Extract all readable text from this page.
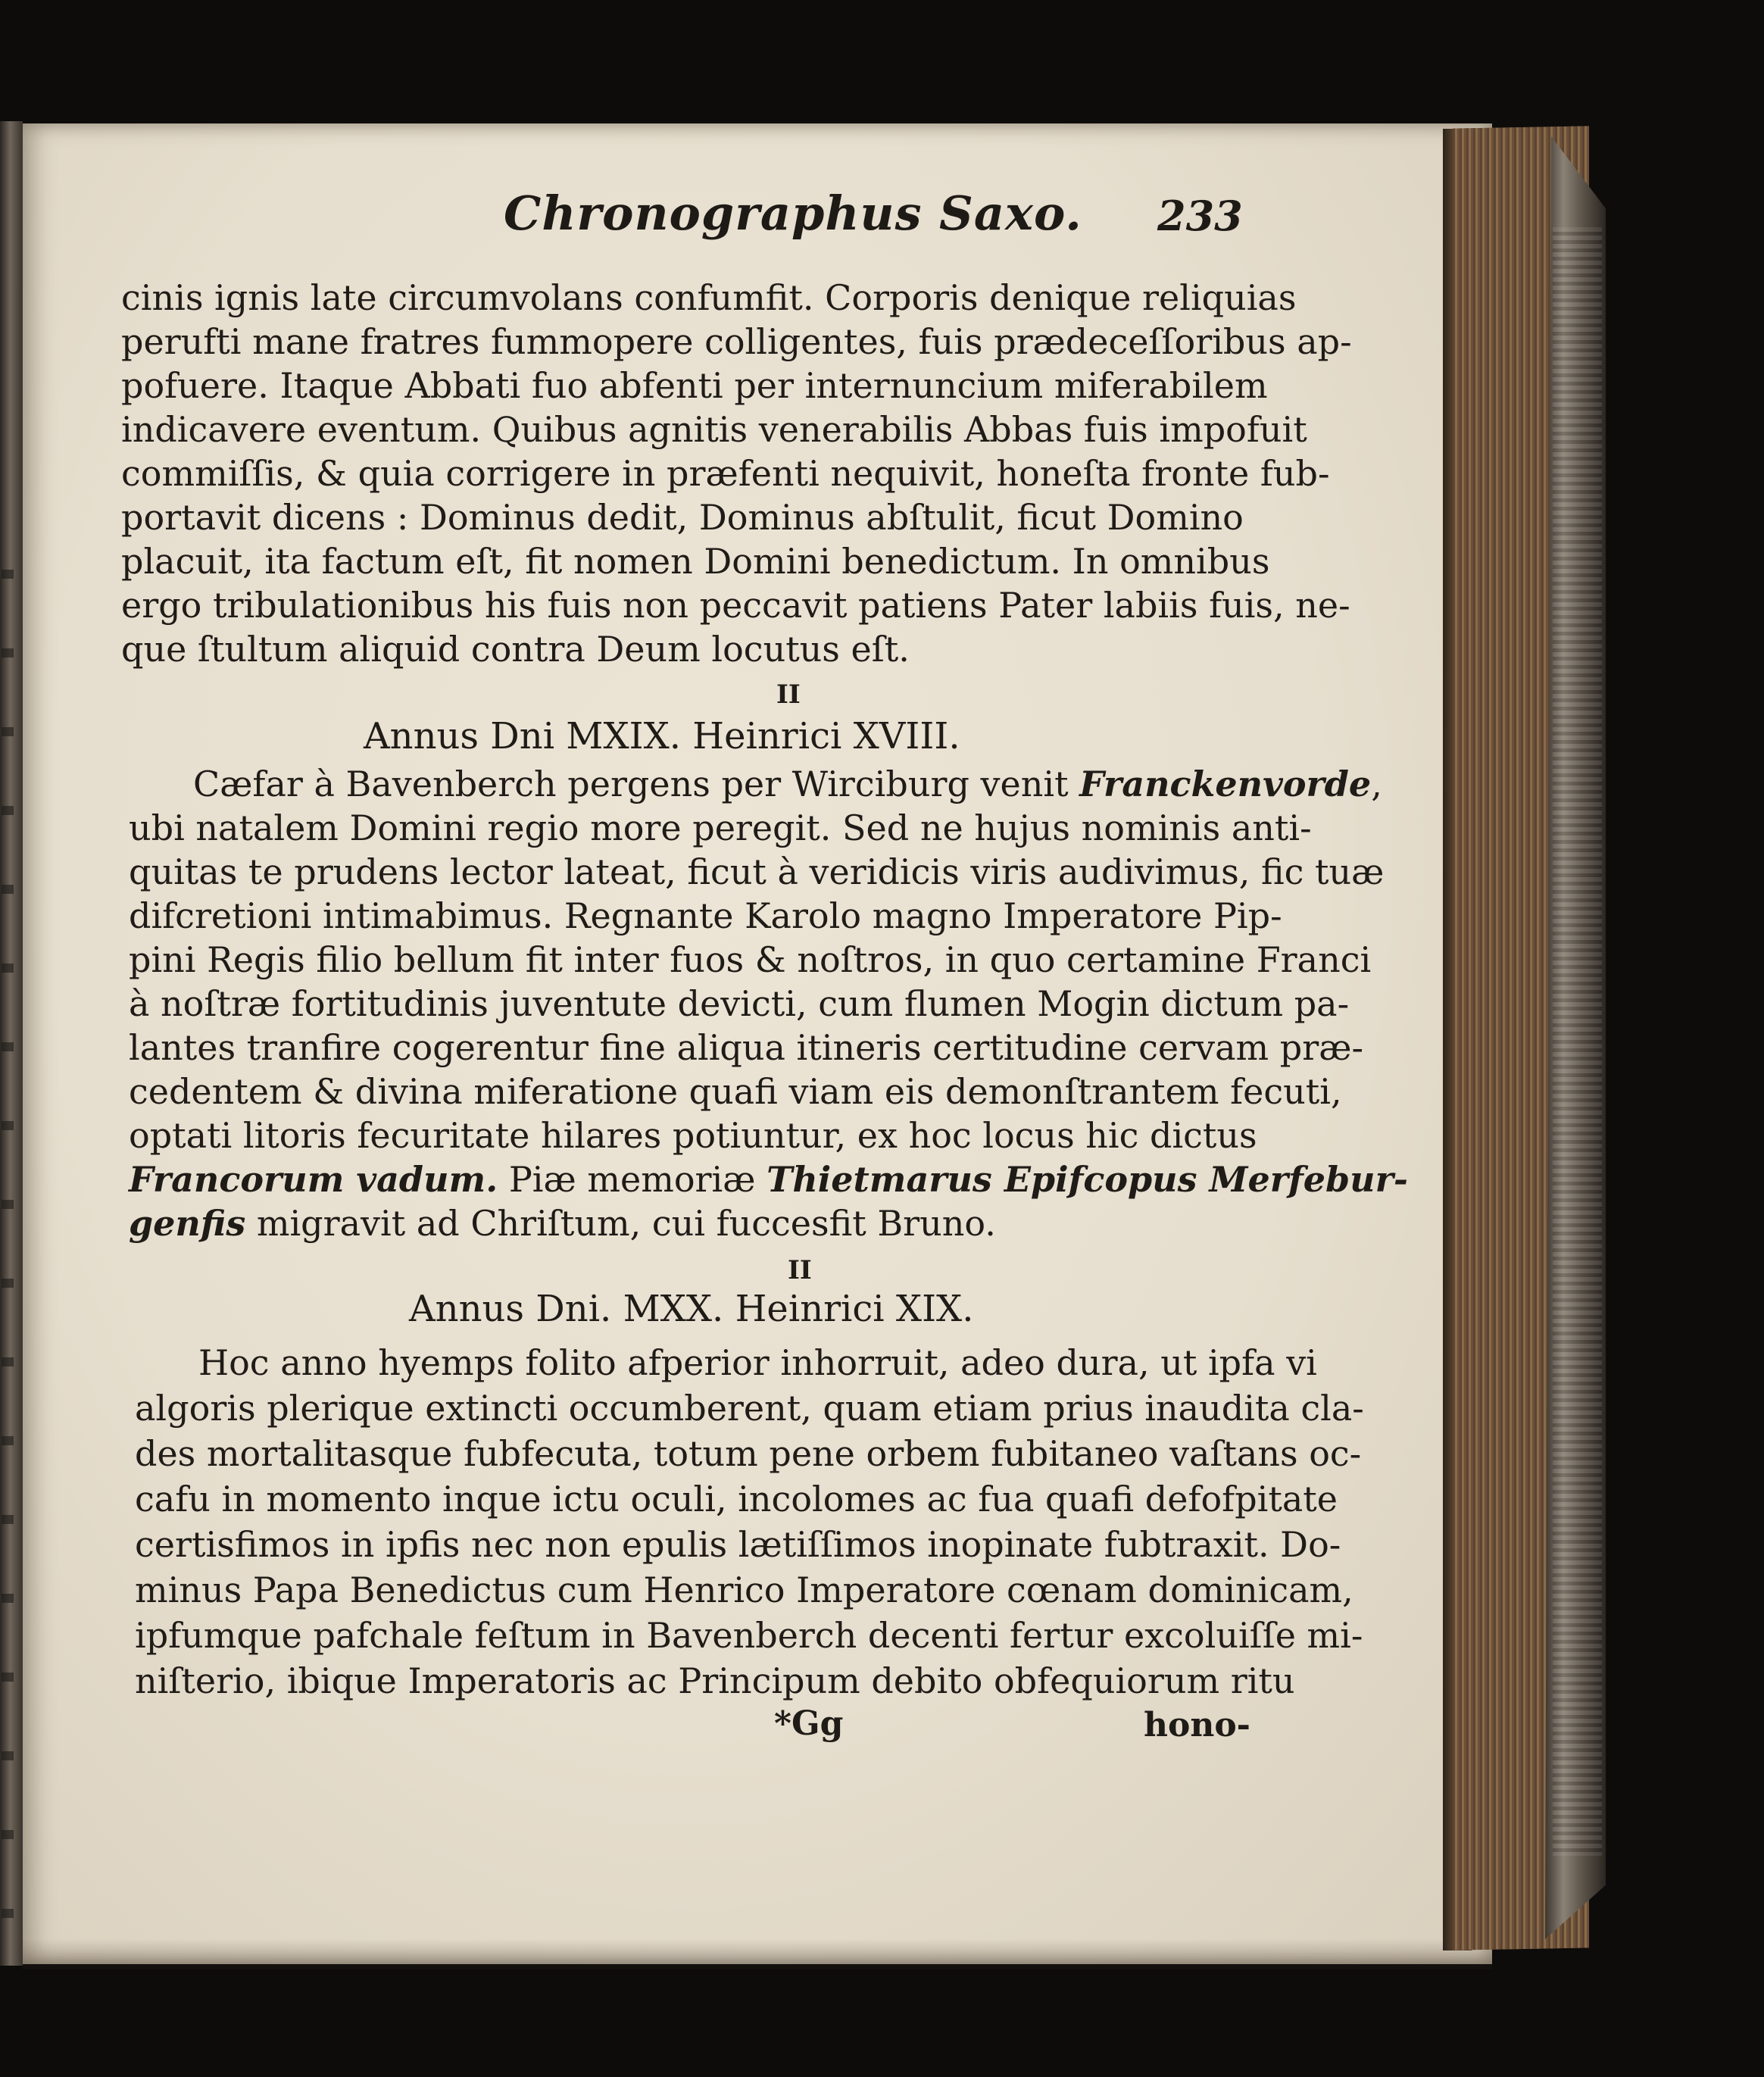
Chronographus Saxo. 233
cinis ignis late circumvolans confumfit. Corporis denique reliquias
perufti mane fratres fummopere colligentes, fuis prædeceſſoribus ap-
pofuere. Itaque Abbati fuo abfenti per internuncium miferabilem
indicavere eventum. Quibus agnitis venerabilis Abbas fuis impofuit
commiſſis, & quia corrigere in præfenti nequivit, honeſta fronte fub-
portavit dicens : Dominus dedit, Dominus abſtulit, ficut Domino
placuit, ita factum eſt, fit nomen Domini benedictum. In omnibus
ergo tribulationibus his fuis non peccavit patiens Pater labiis fuis, ne-
que ſtultum aliquid contra Deum locutus eſt.
II
Annus Dni MXIX. Heinrici XVIII.
Cæfar à Bavenberch pergens per Wirciburg venit Franckenvorde,
ubi natalem Domini regio more peregit. Sed ne hujus nominis anti-
quitas te prudens lector lateat, ficut à veridicis viris audivimus, fic tuæ
difcretioni intimabimus. Regnante Karolo magno Imperatore Pip-
pini Regis filio bellum fit inter fuos & noſtros, in quo certamine Franci
à noſtræ fortitudinis juventute devicti, cum flumen Mogin dictum pa-
lantes tranfire cogerentur fine aliqua itineris certitudine cervam præ-
cedentem & divina miferatione quafi viam eis demonſtrantem fecuti,
optati litoris fecuritate hilares potiuntur, ex hoc locus hic dictus
Francorum vadum. Piæ memoriæ Thietmarus Epifcopus Merfebur-
genfis migravit ad Chriſtum, cui fuccesfit Bruno.
II
Annus Dni. MXX. Heinrici XIX.
Hoc anno hyemps folito afperior inhorruit, adeo dura, ut ipfa vi
algoris plerique extincti occumberent, quam etiam prius inaudita cla-
des mortalitasque fubfecuta, totum pene orbem fubitaneo vaſtans oc-
cafu in momento inque ictu oculi, incolomes ac fua quafi defofpitate
certisfimos in ipfis nec non epulis lætiſſimos inopinate fubtraxit. Do-
minus Papa Benedictus cum Henrico Imperatore cœnam dominicam,
ipfumque pafchale feſtum in Bavenberch decenti fertur excoluiſſe mi-
niſterio, ibique Imperatoris ac Principum debito obfequiorum ritu
*Gg	hono-
